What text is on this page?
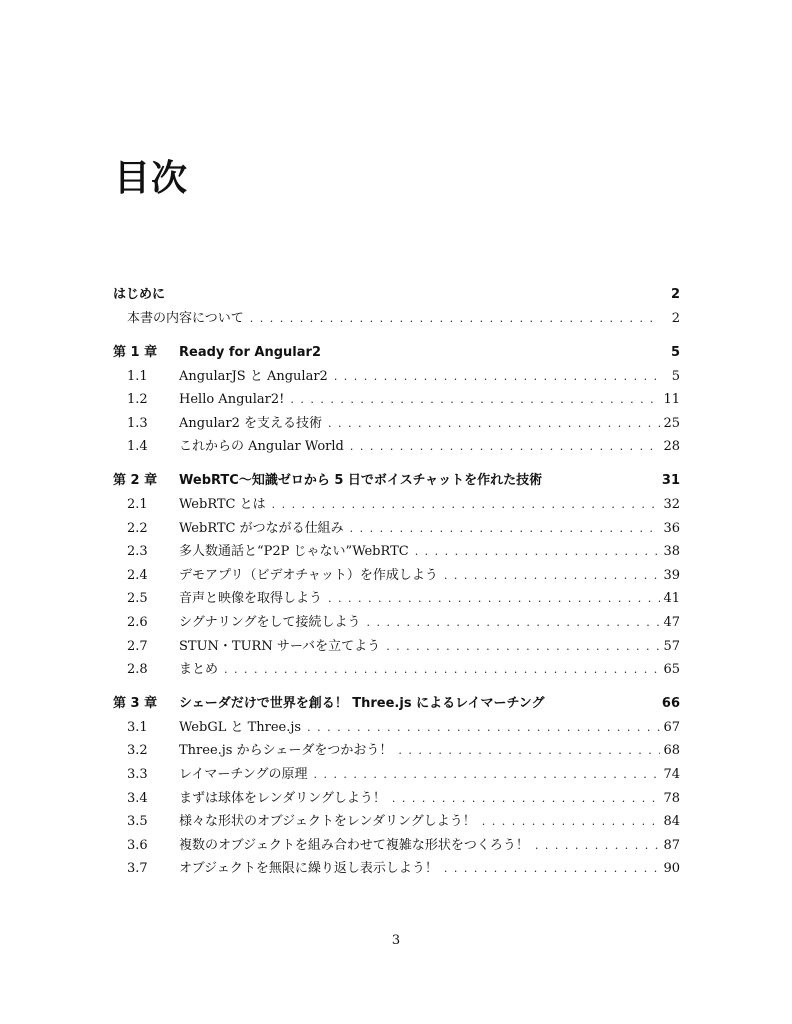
目次
はじめに	2
本書の内容について . . .	2
第 1 章	Ready for Angular2	5
1.1	AngularJS と Angular2 . . .	5
1.2	Hello Angular2! . . .	11
1.3	Angular2 を支える技術 . . .	25
1.4	これからの Angular World . . .	28
第 2 章	WebRTC〜知識ゼロから 5 日でボイスチャットを作れた技術	31
2.1	WebRTC とは . . .	32
2.2	WebRTC がつながる仕組み . . .	36
2.3	多人数通話と“P2P じゃない”WebRTC . . .	38
2.4	デモアプリ（ビデオチャット）を作成しよう . . .	39
2.5	音声と映像を取得しよう . . .	41
2.6	シグナリングをして接続しよう . . .	47
2.7	STUN・TURN サーバを立てよう . . .	57
2.8	まとめ . . .	65
第 3 章	シェーダだけで世界を創る！ Three.js によるレイマーチング	66
3.1	WebGL と Three.js . . .	67
3.2	Three.js からシェーダをつかおう！ . . .	68
3.3	レイマーチングの原理 . . .	74
3.4	まずは球体をレンダリングしよう！ . . .	78
3.5	様々な形状のオブジェクトをレンダリングしよう！ . . .	84
3.6	複数のオブジェクトを組み合わせて複雑な形状をつくろう！ . . .	87
3.7	オブジェクトを無限に繰り返し表示しよう！ . . .	90
3
